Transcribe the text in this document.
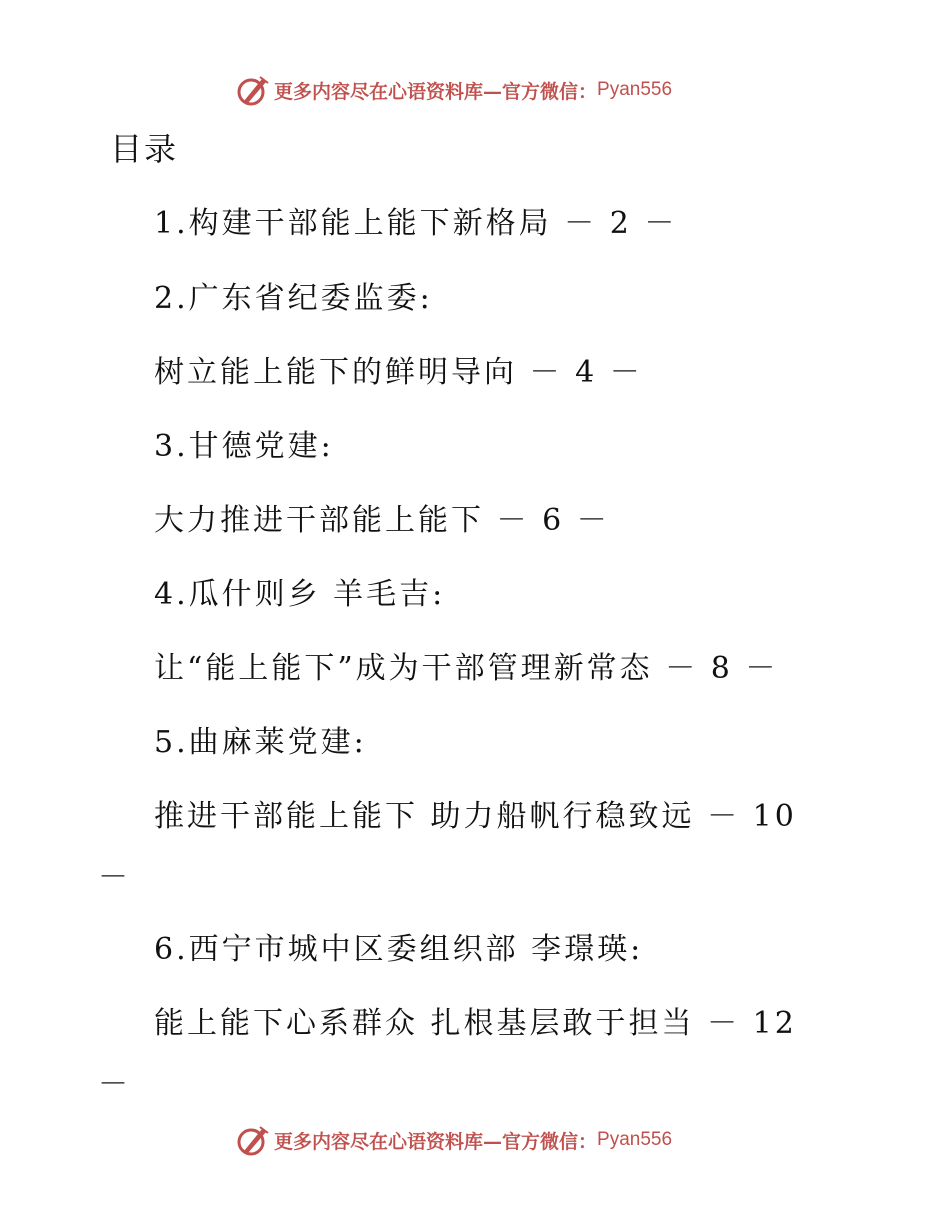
更多内容尽在心语资料库—官方微信： Pyan556
目录
1.构建干部能上能下新格局 － 2 －
2.广东省纪委监委:
树立能上能下的鲜明导向 － 4 －
3.甘德党建:
大力推进干部能上能下 － 6 －
4.瓜什则乡 羊毛吉:
让“能上能下”成为干部管理新常态 － 8 －
5.曲麻莱党建:
推进干部能上能下 助力船帆行稳致远 － 10
－
6.西宁市城中区委组织部 李璟瑛:
能上能下心系群众 扎根基层敢于担当 － 12
－
更多内容尽在心语资料库—官方微信： Pyan556
